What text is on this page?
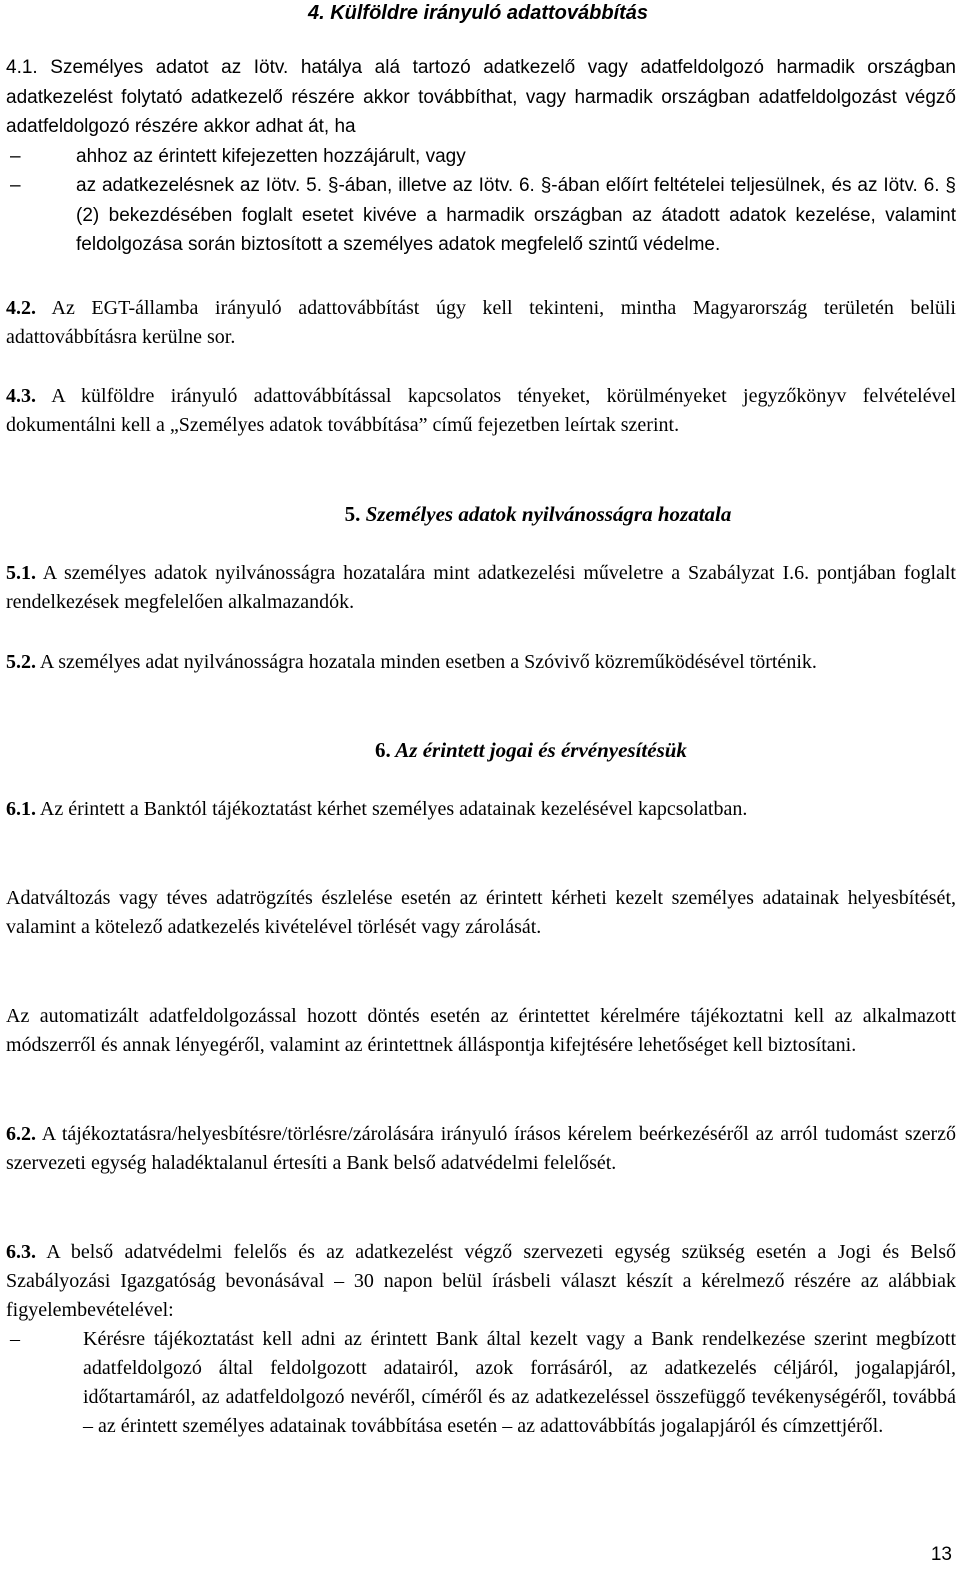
4. Külföldre irányuló adattovábbítás

4.1. Személyes adatot az Iötv. hatálya alá tartozó adatkezelő vagy adatfeldolgozó harmadik országban adatkezelést folytató adatkezelő részére akkor továbbíthat, vagy harmadik országban adatfeldolgozást végző adatfeldolgozó részére akkor adhat át, ha

–	ahhoz az érintett kifejezetten hozzájárult, vagy
–	az adatkezelésnek az Iötv. 5. §-ában, illetve az Iötv. 6. §-ában előírt feltételei teljesülnek, és az Iötv. 6. § (2) bekezdésében foglalt esetet kivéve a harmadik országban az átadott adatok kezelése, valamint feldolgozása során biztosított a személyes adatok megfelelő szintű védelme.

4.2. Az EGT-államba irányuló adattovábbítást úgy kell tekinteni, mintha Magyarország területén belüli adattovábbításra kerülne sor.

4.3. A külföldre irányuló adattovábbítással kapcsolatos tényeket, körülményeket jegyzőkönyv felvételével dokumentálni kell a „Személyes adatok továbbítása” című fejezetben leírtak szerint.

5. Személyes adatok nyilvánosságra hozatala

5.1. A személyes adatok nyilvánosságra hozatalára mint adatkezelési műveletre a Szabályzat I.6. pontjában foglalt rendelkezések megfelelően alkalmazandók.

5.2. A személyes adat nyilvánosságra hozatala minden esetben a Szóvivő közreműködésével történik.

6. Az érintett jogai és érvényesítésük

6.1. Az érintett a Banktól tájékoztatást kérhet személyes adatainak kezelésével kapcsolatban.

Adatváltozás vagy téves adatrögzítés észlelése esetén az érintett kérheti kezelt személyes adatainak helyesbítését, valamint a kötelező adatkezelés kivételével törlését vagy zárolását.

Az automatizált adatfeldolgozással hozott döntés esetén az érintettet kérelmére tájékoztatni kell az alkalmazott módszerről és annak lényegéről, valamint az érintettnek álláspontja kifejtésére lehetőséget kell biztosítani.

6.2. A tájékoztatásra/helyesbítésre/törlésre/zárolására irányuló írásos kérelem beérkezéséről az arról tudomást szerző szervezeti egység haladéktalanul értesíti a Bank belső adatvédelmi felelősét.

6.3. A belső adatvédelmi felelős és az adatkezelést végző szervezeti egység szükség esetén a Jogi és Belső Szabályozási Igazgatóság bevonásával – 30 napon belül írásbeli választ készít a kérelmező részére az alábbiak figyelembevételével:

–	Kérésre tájékoztatást kell adni az érintett Bank által kezelt vagy a Bank rendelkezése szerint megbízott adatfeldolgozó által feldolgozott adatairól, azok forrásáról, az adatkezelés céljáról, jogalapjáról, időtartamáról, az adatfeldolgozó nevéről, címéről és az adatkezeléssel összefüggő tevékenységéről, továbbá – az érintett személyes adatainak továbbítása esetén – az adattovábbítás jogalapjáról és címzettjéről.
13
